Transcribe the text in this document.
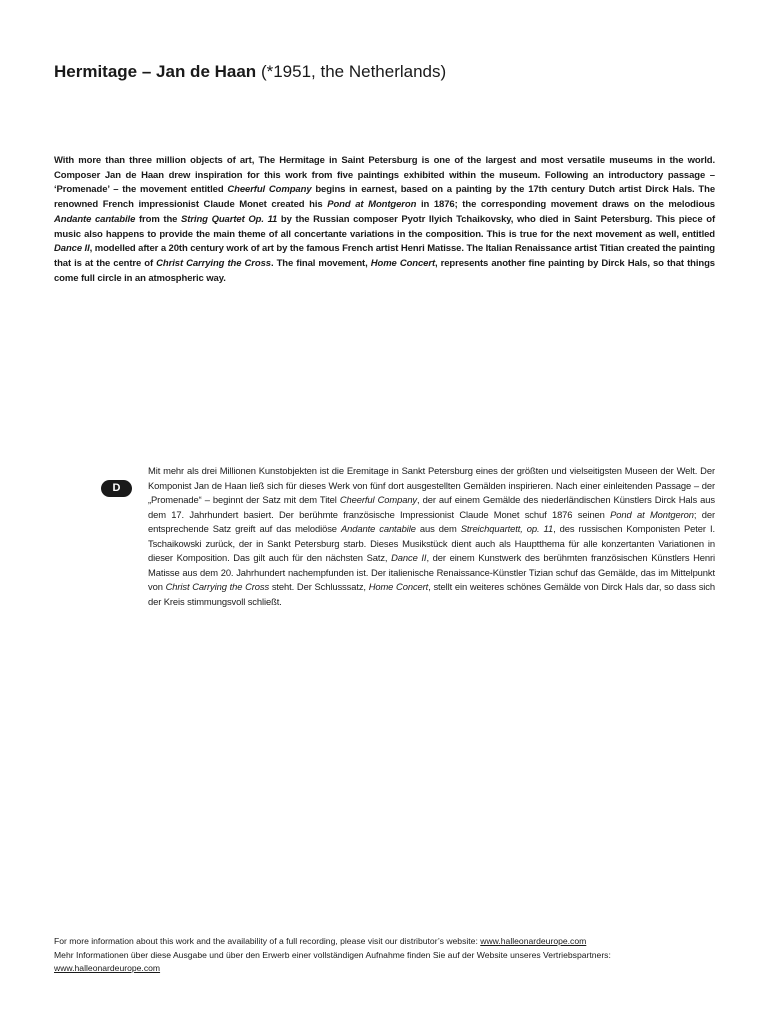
Hermitage – Jan de Haan (*1951, the Netherlands)

With more than three million objects of art, The Hermitage in Saint Petersburg is one of the largest and most versatile museums in the world. Composer Jan de Haan drew inspiration for this work from five paintings exhibited within the museum. Following an introductory passage – ‘Promenade’ – the movement entitled Cheerful Company begins in earnest, based on a painting by the 17th century Dutch artist Dirck Hals. The renowned French impressionist Claude Monet created his Pond at Montgeron in 1876; the corresponding movement draws on the melodious Andante cantabile from the String Quartet Op. 11 by the Russian composer Pyotr Ilyich Tchaikovsky, who died in Saint Petersburg. This piece of music also happens to provide the main theme of all concertante variations in the composition. This is true for the next movement as well, entitled Dance II, modelled after a 20th century work of art by the famous French artist Henri Matisse. The Italian Renaissance artist Titian created the painting that is at the centre of Christ Carrying the Cross. The final movement, Home Concert, represents another fine painting by Dirck Hals, so that things come full circle in an atmospheric way.

D

Mit mehr als drei Millionen Kunstobjekten ist die Eremitage in Sankt Petersburg eines der größten und vielseitigsten Museen der Welt. Der Komponist Jan de Haan ließ sich für dieses Werk von fünf dort ausgestellten Gemälden inspirieren. Nach einer einleitenden Passage – der „Promenade“ – beginnt der Satz mit dem Titel Cheerful Company, der auf einem Gemälde des niederländischen Künstlers Dirck Hals aus dem 17. Jahrhundert basiert. Der berühmte französische Impressionist Claude Monet schuf 1876 seinen Pond at Montgeron; der entsprechende Satz greift auf das melodiöse Andante cantabile aus dem Streichquartett, op. 11, des russischen Komponisten Peter I. Tschaikowski zurück, der in Sankt Petersburg starb. Dieses Musikstück dient auch als Hauptthema für alle konzertanten Variationen in dieser Komposition. Das gilt auch für den nächsten Satz, Dance II, der einem Kunstwerk des berühmten französischen Künstlers Henri Matisse aus dem 20. Jahrhundert nachempfunden ist. Der italienische Renaissance-Künstler Tizian schuf das Gemälde, das im Mittelpunkt von Christ Carrying the Cross steht. Der Schlusssatz, Home Concert, stellt ein weiteres schönes Gemälde von Dirck Hals dar, so dass sich der Kreis stimmungsvoll schließt.

For more information about this work and the availability of a full recording, please visit our distributor’s website: www.halleonardeurope.com

Mehr Informationen über diese Ausgabe und über den Erwerb einer vollständigen Aufnahme finden Sie auf der Website unseres Vertriebspartners: www.halleonardeurope.com
